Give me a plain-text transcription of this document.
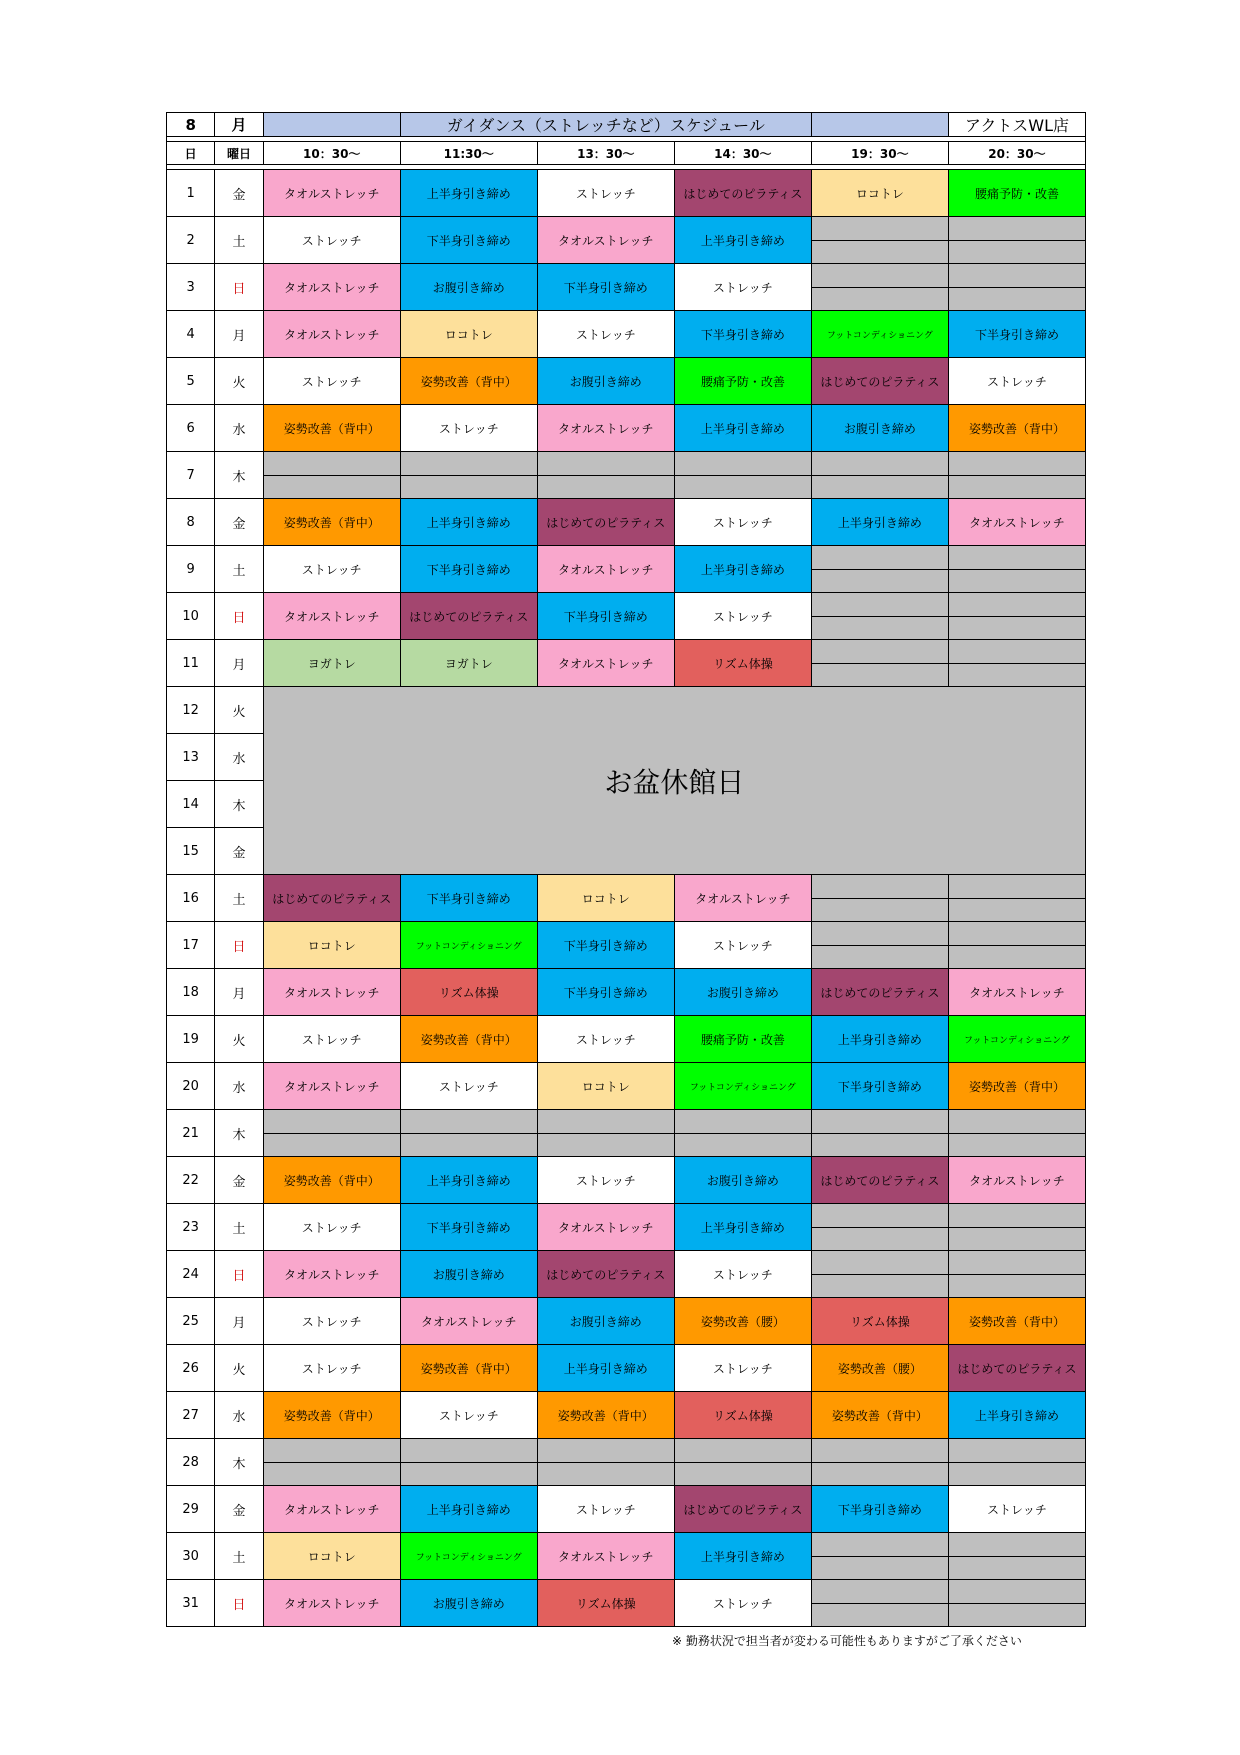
8	月		ガイダンス（ストレッチなど）スケジュール				アクトスWL店

日	曜日	10：30～	11:30～	13：30～	14：30～	19：30～	20：30～

1	金	タオルストレッチ	上半身引き締め	ストレッチ	はじめてのピラティス	ロコトレ	腰痛予防・改善
2	土	ストレッチ	下半身引き締め	タオルストレッチ	上半身引き締め		
3	日	タオルストレッチ	お腹引き締め	下半身引き締め	ストレッチ		
4	月	タオルストレッチ	ロコトレ	ストレッチ	下半身引き締め	フットコンディショニング	下半身引き締め
5	火	ストレッチ	姿勢改善（背中）	お腹引き締め	腰痛予防・改善	はじめてのピラティス	ストレッチ
6	水	姿勢改善（背中）	ストレッチ	タオルストレッチ	上半身引き締め	お腹引き締め	姿勢改善（背中）
7	木						
8	金	姿勢改善（背中）	上半身引き締め	はじめてのピラティス	ストレッチ	上半身引き締め	タオルストレッチ
9	土	ストレッチ	下半身引き締め	タオルストレッチ	上半身引き締め		
10	日	タオルストレッチ	はじめてのピラティス	下半身引き締め	ストレッチ		
11	月	ヨガトレ	ヨガトレ	タオルストレッチ	リズム体操		
12	火	お盆休館日					
13	水						
14	木						
15	金						
16	土	はじめてのピラティス	下半身引き締め	ロコトレ	タオルストレッチ		
17	日	ロコトレ	フットコンディショニング	下半身引き締め	ストレッチ		
18	月	タオルストレッチ	リズム体操	下半身引き締め	お腹引き締め	はじめてのピラティス	タオルストレッチ
19	火	ストレッチ	姿勢改善（背中）	ストレッチ	腰痛予防・改善	上半身引き締め	フットコンディショニング
20	水	タオルストレッチ	ストレッチ	ロコトレ	フットコンディショニング	下半身引き締め	姿勢改善（背中）
21	木						
22	金	姿勢改善（背中）	上半身引き締め	ストレッチ	お腹引き締め	はじめてのピラティス	タオルストレッチ
23	土	ストレッチ	下半身引き締め	タオルストレッチ	上半身引き締め		
24	日	タオルストレッチ	お腹引き締め	はじめてのピラティス	ストレッチ		
25	月	ストレッチ	タオルストレッチ	お腹引き締め	姿勢改善（腰）	リズム体操	姿勢改善（背中）
26	火	ストレッチ	姿勢改善（背中）	上半身引き締め	ストレッチ	姿勢改善（腰）	はじめてのピラティス
27	水	姿勢改善（背中）	ストレッチ	姿勢改善（背中）	リズム体操	姿勢改善（背中）	上半身引き締め
28	木						
29	金	タオルストレッチ	上半身引き締め	ストレッチ	はじめてのピラティス	下半身引き締め	ストレッチ
30	土	ロコトレ	フットコンディショニング	タオルストレッチ	上半身引き締め		
31	日	タオルストレッチ	お腹引き締め	リズム体操	ストレッチ		
※ 勤務状況で担当者が変わる可能性もありますがご了承ください
